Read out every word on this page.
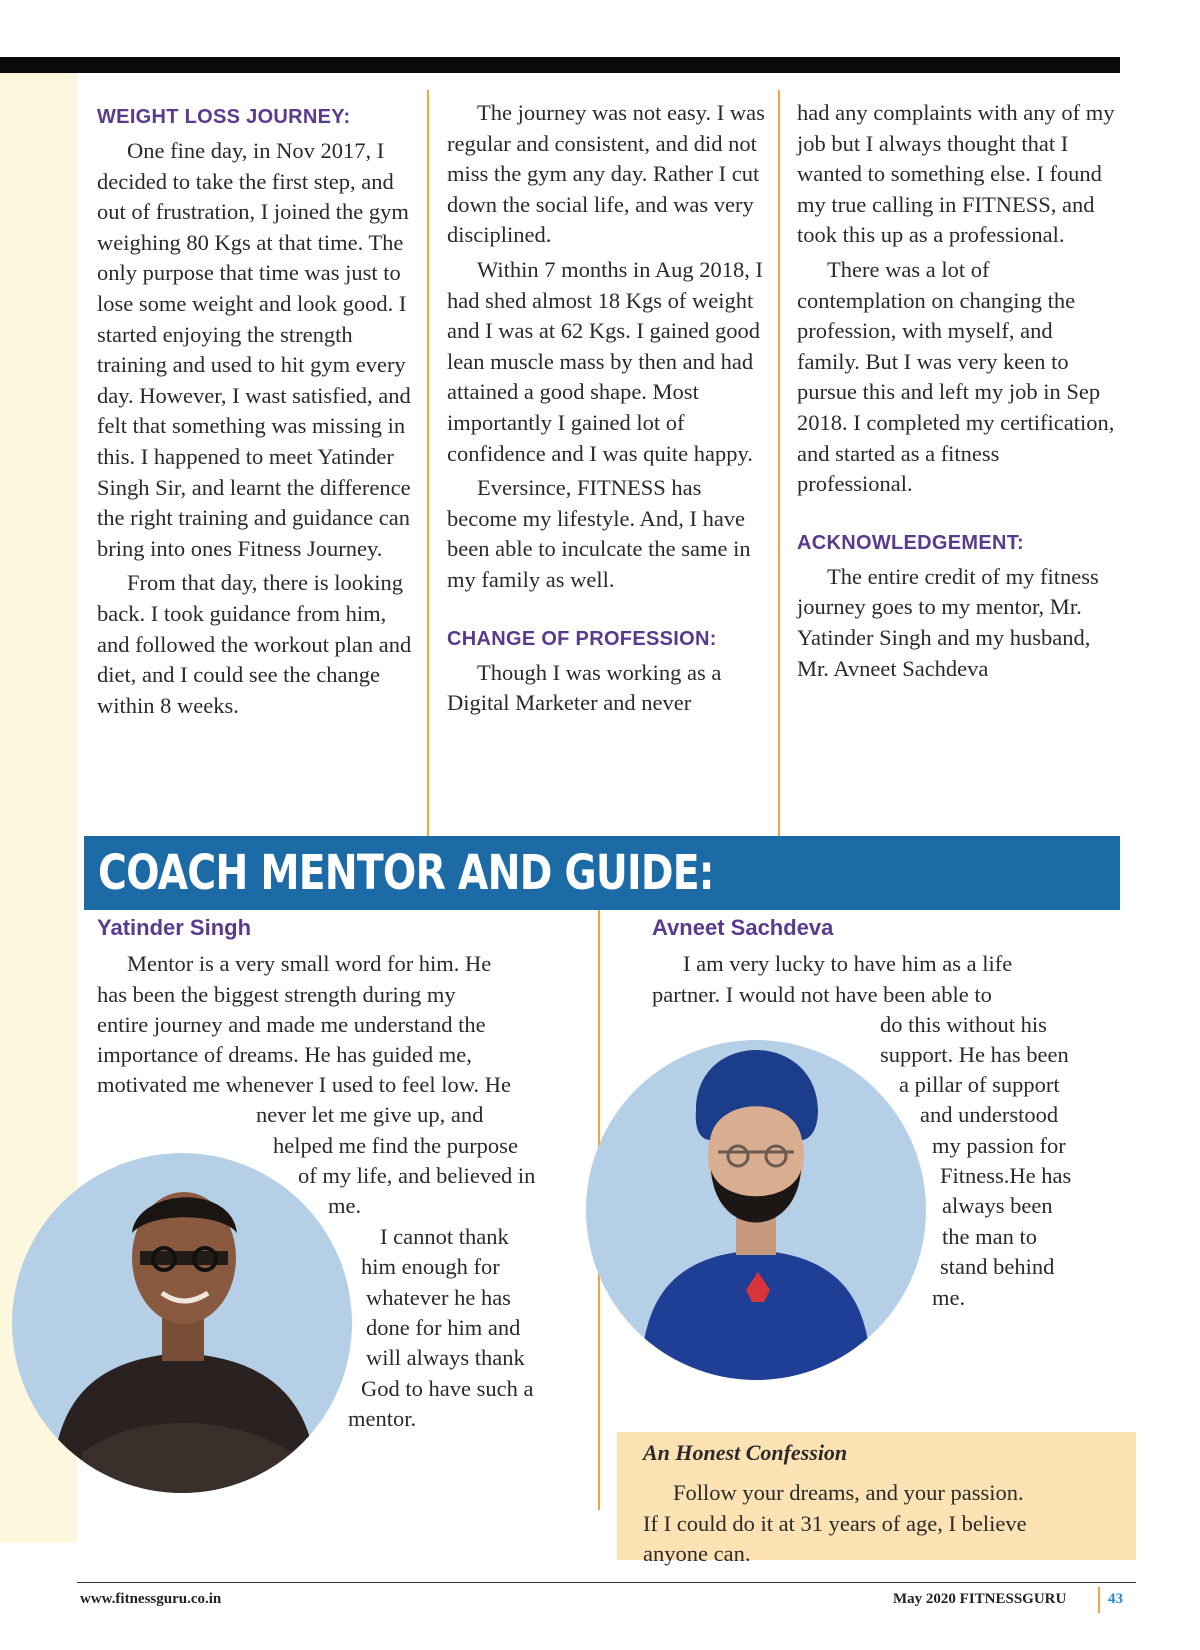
WEIGHT LOSS JOURNEY:

One fine day, in Nov 2017, I decided to take the first step, and out of frustration, I joined the gym weighing 80 Kgs at that time. The only purpose that time was just to lose some weight and look good. I started enjoying the strength training and used to hit gym every day. However, I wast satisfied, and felt that something was missing in this. I happened to meet Yatinder Singh Sir, and learnt the difference the right training and guidance can bring into ones Fitness Journey.

From that day, there is looking back. I took guidance from him, and followed the workout plan and diet, and I could see the change within 8 weeks.

The journey was not easy. I was regular and consistent, and did not miss the gym any day. Rather I cut down the social life, and was very disciplined.

Within 7 months in Aug 2018, I had shed almost 18 Kgs of weight and I was at 62 Kgs. I gained good lean muscle mass by then and had attained a good shape. Most importantly I gained lot of confidence and I was quite happy.

Eversince, FITNESS has become my lifestyle. And, I have been able to inculcate the same in my family as well.

CHANGE OF PROFESSION:

Though I was working as a Digital Marketer and never

had any complaints with any of my job but I always thought that I wanted to something else. I found my true calling in FITNESS, and took this up as a professional.

There was a lot of contemplation on changing the profession, with myself, and family. But I was very keen to pursue this and left my job in Sep 2018. I completed my certification, and started as a fitness professional.

ACKNOWLEDGEMENT:

The entire credit of my fitness journey goes to my mentor, Mr. Yatinder Singh and my husband, Mr. Avneet Sachdeva

COACH MENTOR AND GUIDE:
Yatinder Singh
Mentor is a very small word for him. He
has been the biggest strength during my
entire journey and made me understand the
importance of dreams. He has guided me,
motivated me whenever I used to feel low. He
never let me give up, and
helped me find the purpose
of my life, and believed in
me.
I cannot thank
him enough for
whatever he has
done for him and
will always thank
God to have such a
mentor.
Avneet Sachdeva
I am very lucky to have him as a life
partner. I would not have been able to
do this without his
support. He has been
a pillar of support
and understood
my passion for
Fitness.He has
always been
the man to
stand behind
me.
An Honest Confession
Follow your dreams, and your passion.
If I could do it at 31 years of age, I believe
anyone can.
www.fitnessguru.co.in	May 2020 FITNESSGURU	43
